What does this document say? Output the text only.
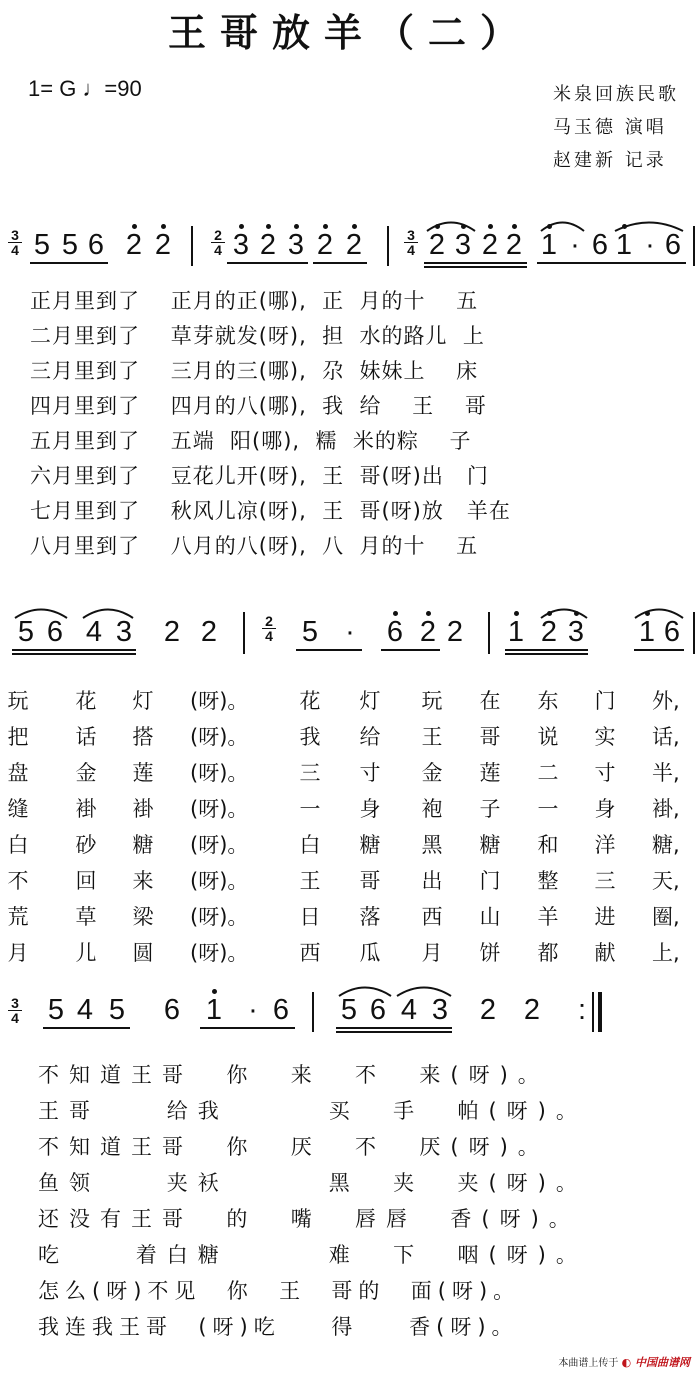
王哥放羊（二）
1= G ♩=90	米泉回族民歌
马玉德 演唱
赵建新 记录
3
4 5 5 6 2 2 3 2 3 2 2 2 3 2 2 1 · 6 1 · 6
2
4
3
4
正月里到了    正月的正(哪),  正  月的十    五
二月里到了    草芽就发(呀),  担  水的路儿  上
三月里到了    三月的三(哪),  尕  妹妹上    床
四月里到了    四月的八(哪),  我  给    王    哥
五月里到了    五端  阳(哪),  糯  米的粽    子
六月里到了    豆花儿开(呀),  王  哥(呀)出   门
七月里到了    秋风儿凉(呀),  王  哥(呀)放   羊在
八月里到了    八月的八(呀),  八  月的十    五
5 6 4 3 2 2	5 · 6 2 2 1 2 3 1 6
2
4
玩 花 灯 (呀)。	花 灯 玩 在 东 门 外,
把 话 搭 (呀)。	我 给 王 哥 说 实 话,
盘 金 莲 (呀)。	三 寸 金 莲 二 寸 半,
缝 褂 褂 (呀)。	一 身 袍 子 一 身 褂,
白 砂 糖 (呀)。	白 糖 黑 糖 和 洋 糖,
不 回 来 (呀)。	王 哥 出 门 整 三 天,
荒 草 梁 (呀)。	日 落 西 山 羊 进 圈,
月 儿 圆 (呀)。	西 瓜 月 饼 都 献 上,
3
4 5 4 5 6 1 · 6 5 6 4 3 2 2	:
不知道王哥  你  来  不  来(呀)。
王哥    给我      买  手  帕(呀)。
不知道王哥  你  厌  不  厌(呀)。
鱼领    夹袄      黑  夹  夹(呀)。
还没有王哥  的  嘴  唇唇  香(呀)。
吃    着白糖      难  下  咽(呀)。
怎么(呀)不见  你  王  哥的  面(呀)。
我连我王哥  (呀)吃    得    香(呀)。
本曲谱上传于 ◐ 中国曲谱网
